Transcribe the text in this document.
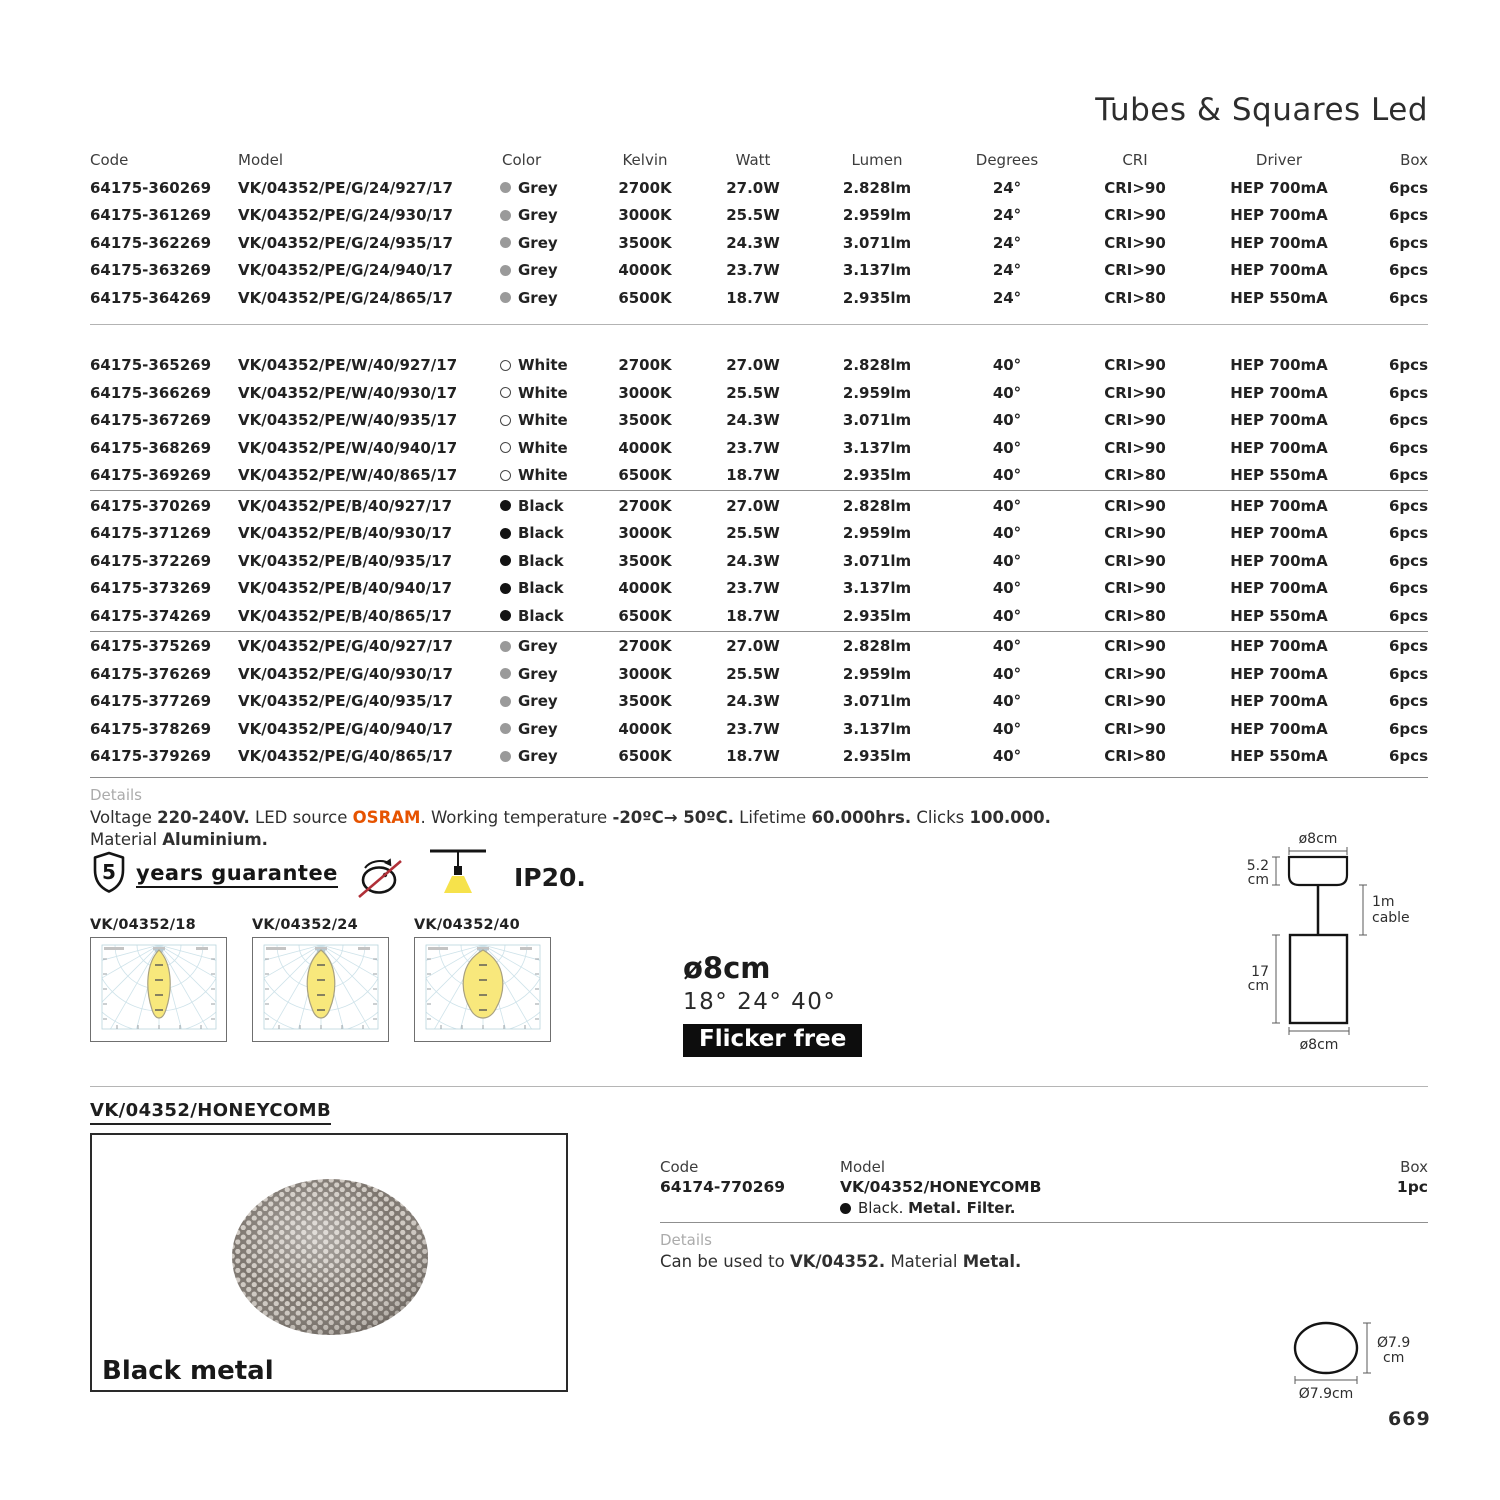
Tubes & Squares Led
Code	Model	Color	Kelvin	Watt	Lumen	Degrees	CRI	Driver	Box
64175-360269	VK/04352/PE/G/24/927/17	Grey	2700K	27.0W	2.828lm	24°	CRI>90	HEP 700mA	6pcs
64175-361269	VK/04352/PE/G/24/930/17	Grey	3000K	25.5W	2.959lm	24°	CRI>90	HEP 700mA	6pcs
64175-362269	VK/04352/PE/G/24/935/17	Grey	3500K	24.3W	3.071lm	24°	CRI>90	HEP 700mA	6pcs
64175-363269	VK/04352/PE/G/24/940/17	Grey	4000K	23.7W	3.137lm	24°	CRI>90	HEP 700mA	6pcs
64175-364269	VK/04352/PE/G/24/865/17	Grey	6500K	18.7W	2.935lm	24°	CRI>80	HEP 550mA	6pcs
64175-365269	VK/04352/PE/W/40/927/17	White	2700K	27.0W	2.828lm	40°	CRI>90	HEP 700mA	6pcs
64175-366269	VK/04352/PE/W/40/930/17	White	3000K	25.5W	2.959lm	40°	CRI>90	HEP 700mA	6pcs
64175-367269	VK/04352/PE/W/40/935/17	White	3500K	24.3W	3.071lm	40°	CRI>90	HEP 700mA	6pcs
64175-368269	VK/04352/PE/W/40/940/17	White	4000K	23.7W	3.137lm	40°	CRI>90	HEP 700mA	6pcs
64175-369269	VK/04352/PE/W/40/865/17	White	6500K	18.7W	2.935lm	40°	CRI>80	HEP 550mA	6pcs
64175-370269	VK/04352/PE/B/40/927/17	Black	2700K	27.0W	2.828lm	40°	CRI>90	HEP 700mA	6pcs
64175-371269	VK/04352/PE/B/40/930/17	Black	3000K	25.5W	2.959lm	40°	CRI>90	HEP 700mA	6pcs
64175-372269	VK/04352/PE/B/40/935/17	Black	3500K	24.3W	3.071lm	40°	CRI>90	HEP 700mA	6pcs
64175-373269	VK/04352/PE/B/40/940/17	Black	4000K	23.7W	3.137lm	40°	CRI>90	HEP 700mA	6pcs
64175-374269	VK/04352/PE/B/40/865/17	Black	6500K	18.7W	2.935lm	40°	CRI>80	HEP 550mA	6pcs
64175-375269	VK/04352/PE/G/40/927/17	Grey	2700K	27.0W	2.828lm	40°	CRI>90	HEP 700mA	6pcs
64175-376269	VK/04352/PE/G/40/930/17	Grey	3000K	25.5W	2.959lm	40°	CRI>90	HEP 700mA	6pcs
64175-377269	VK/04352/PE/G/40/935/17	Grey	3500K	24.3W	3.071lm	40°	CRI>90	HEP 700mA	6pcs
64175-378269	VK/04352/PE/G/40/940/17	Grey	4000K	23.7W	3.137lm	40°	CRI>90	HEP 700mA	6pcs
64175-379269	VK/04352/PE/G/40/865/17	Grey	6500K	18.7W	2.935lm	40°	CRI>80	HEP 550mA	6pcs
Details
Voltage 220-240V. LED source OSRAM. Working temperature -20ºC→ 50ºC. Lifetime 60.000hrs. Clicks 100.000.
Material Aluminium.
5 years guarantee	IP20.
VK/04352/18	VK/04352/24	VK/04352/40
ø8cm
18° 24° 40°
Flicker free
ø8cm
5.2
cm
1m
cable
17
cm
ø8cm
VK/04352/HONEYCOMB
Black metal
Code
64174-770269
Model
VK/04352/HONEYCOMB
Black. Metal. Filter.
Box
1pc
Details
Can be used to VK/04352. Material Metal.
Ø7.9
cm
Ø7.9cm
669
